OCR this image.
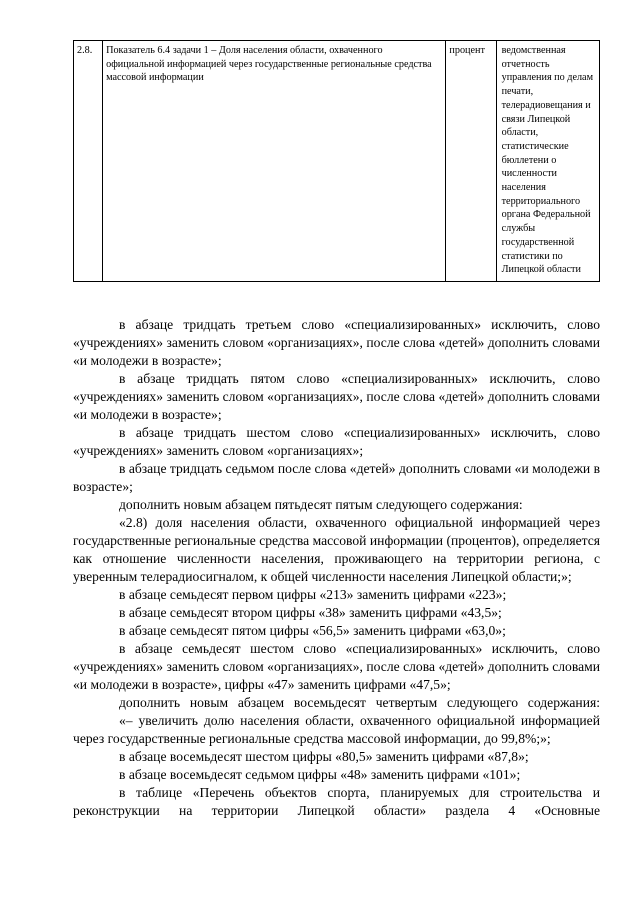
2.8.	Показатель 6.4 задачи 1 – Доля населения области, охваченного официальной информацией через государственные региональные средства массовой информации	процент	ведомственная отчетность управления по делам печати, телерадиовещания и связи Липецкой области, статистические бюллетени о численности населения территориального органа Федеральной службы государственной статистики по Липецкой области

в абзаце тридцать третьем слово «специализированных» исключить, слово «учреждениях» заменить словом «организациях», после слова «детей» дополнить словами «и молодежи в возрасте»;

в абзаце тридцать пятом слово «специализированных» исключить, слово «учреждениях» заменить словом «организациях», после слова «детей» дополнить словами «и молодежи в возрасте»;

в абзаце тридцать шестом слово «специализированных» исключить, слово «учреждениях» заменить словом «организациях»;

в абзаце тридцать седьмом после слова «детей» дополнить словами «и молодежи в возрасте»;

дополнить новым абзацем пятьдесят пятым следующего содержания:

«2.8) доля населения области, охваченного официальной информацией через государственные региональные средства массовой информации (процентов), определяется как отношение численности населения, проживающего на территории региона, с уверенным телерадиосигналом, к общей численности населения Липецкой области;»;

в абзаце семьдесят первом цифры «213» заменить цифрами «223»;

в абзаце семьдесят втором цифры «38» заменить цифрами «43,5»;

в абзаце семьдесят пятом цифры «56,5» заменить цифрами «63,0»;

в абзаце семьдесят шестом слово «специализированных» исключить, слово «учреждениях» заменить словом «организациях», после слова «детей» дополнить словами «и молодежи в возрасте», цифры «47» заменить цифрами «47,5»;

дополнить новым абзацем восемьдесят четвертым следующего содержания:

«– увеличить долю населения области, охваченного официальной информацией через государственные региональные средства массовой информации, до 99,8%;»;

в абзаце восемьдесят шестом цифры «80,5» заменить цифрами «87,8»;

в абзаце восемьдесят седьмом цифры «48» заменить цифрами «101»;

в таблице «Перечень объектов спорта, планируемых для строительства и реконструкции на территории Липецкой области» раздела 4 «Основные
